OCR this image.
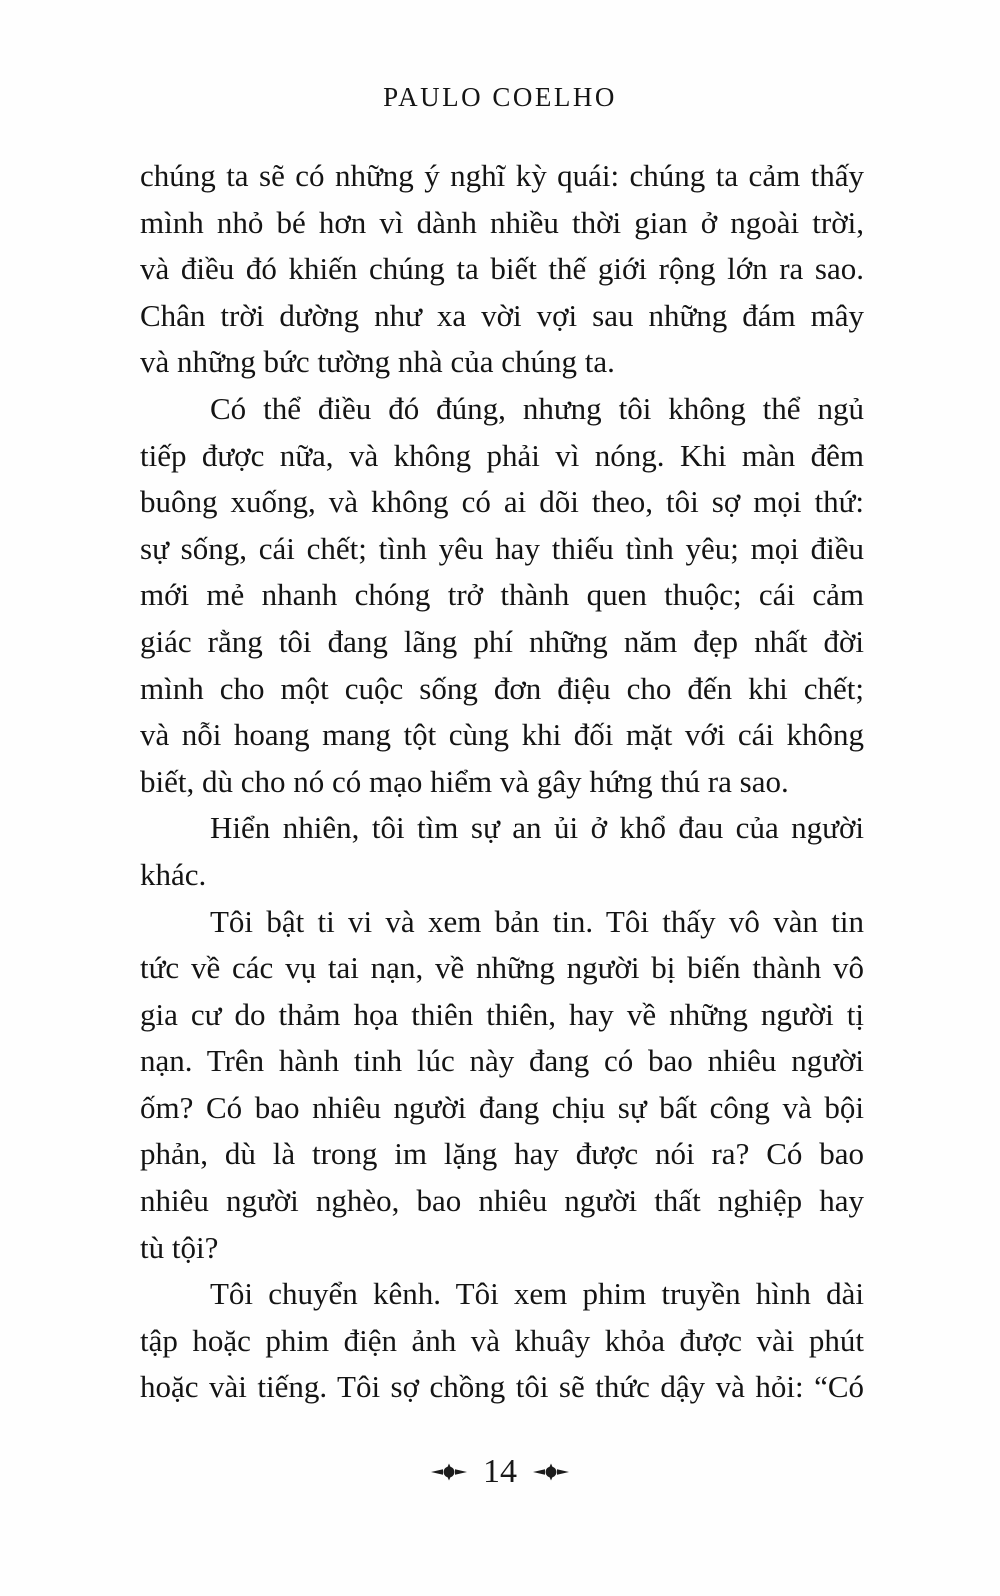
PAULO COELHO
chúng ta sẽ có những ý nghĩ kỳ quái: chúng ta cảm thấy
mình nhỏ bé hơn vì dành nhiều thời gian ở ngoài trời,
và điều đó khiến chúng ta biết thế giới rộng lớn ra sao.
Chân trời dường như xa vời vợi sau những đám mây
và những bức tường nhà của chúng ta.
Có thể điều đó đúng, nhưng tôi không thể ngủ
tiếp được nữa, và không phải vì nóng. Khi màn đêm
buông xuống, và không có ai dõi theo, tôi sợ mọi thứ:
sự sống, cái chết; tình yêu hay thiếu tình yêu; mọi điều
mới mẻ nhanh chóng trở thành quen thuộc; cái cảm
giác rằng tôi đang lãng phí những năm đẹp nhất đời
mình cho một cuộc sống đơn điệu cho đến khi chết;
và nỗi hoang mang tột cùng khi đối mặt với cái không
biết, dù cho nó có mạo hiểm và gây hứng thú ra sao.
Hiển nhiên, tôi tìm sự an ủi ở khổ đau của người
khác.
Tôi bật ti vi và xem bản tin. Tôi thấy vô vàn tin
tức về các vụ tai nạn, về những người bị biến thành vô
gia cư do thảm họa thiên thiên, hay về những người tị
nạn. Trên hành tinh lúc này đang có bao nhiêu người
ốm? Có bao nhiêu người đang chịu sự bất công và bội
phản, dù là trong im lặng hay được nói ra? Có bao
nhiêu người nghèo, bao nhiêu người thất nghiệp hay
tù tội?
Tôi chuyển kênh. Tôi xem phim truyền hình dài
tập hoặc phim điện ảnh và khuây khỏa được vài phút
hoặc vài tiếng. Tôi sợ chồng tôi sẽ thức dậy và hỏi: “Có
14
